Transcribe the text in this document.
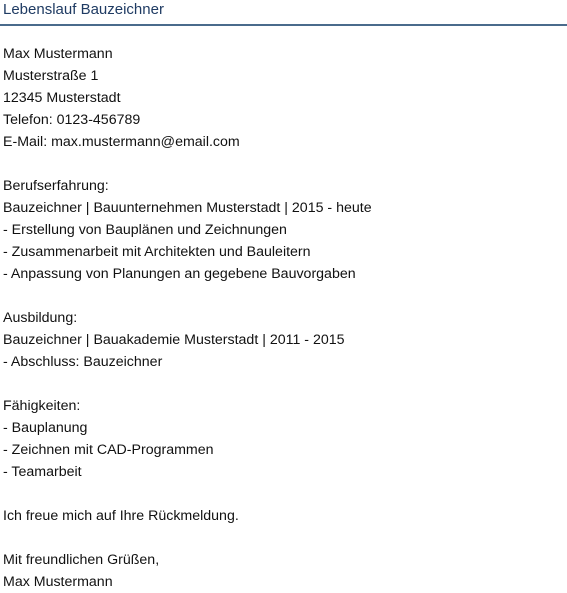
Lebenslauf Bauzeichner
Max Mustermann
Musterstraße 1
12345 Musterstadt
Telefon: 0123-456789
E-Mail: max.mustermann@email.com
Berufserfahrung:
Bauzeichner | Bauunternehmen Musterstadt | 2015 - heute
- Erstellung von Bauplänen und Zeichnungen
- Zusammenarbeit mit Architekten und Bauleitern
- Anpassung von Planungen an gegebene Bauvorgaben
Ausbildung:
Bauzeichner | Bauakademie Musterstadt | 2011 - 2015
- Abschluss: Bauzeichner
Fähigkeiten:
- Bauplanung
- Zeichnen mit CAD-Programmen
- Teamarbeit
Ich freue mich auf Ihre Rückmeldung.
Mit freundlichen Grüßen,
Max Mustermann
